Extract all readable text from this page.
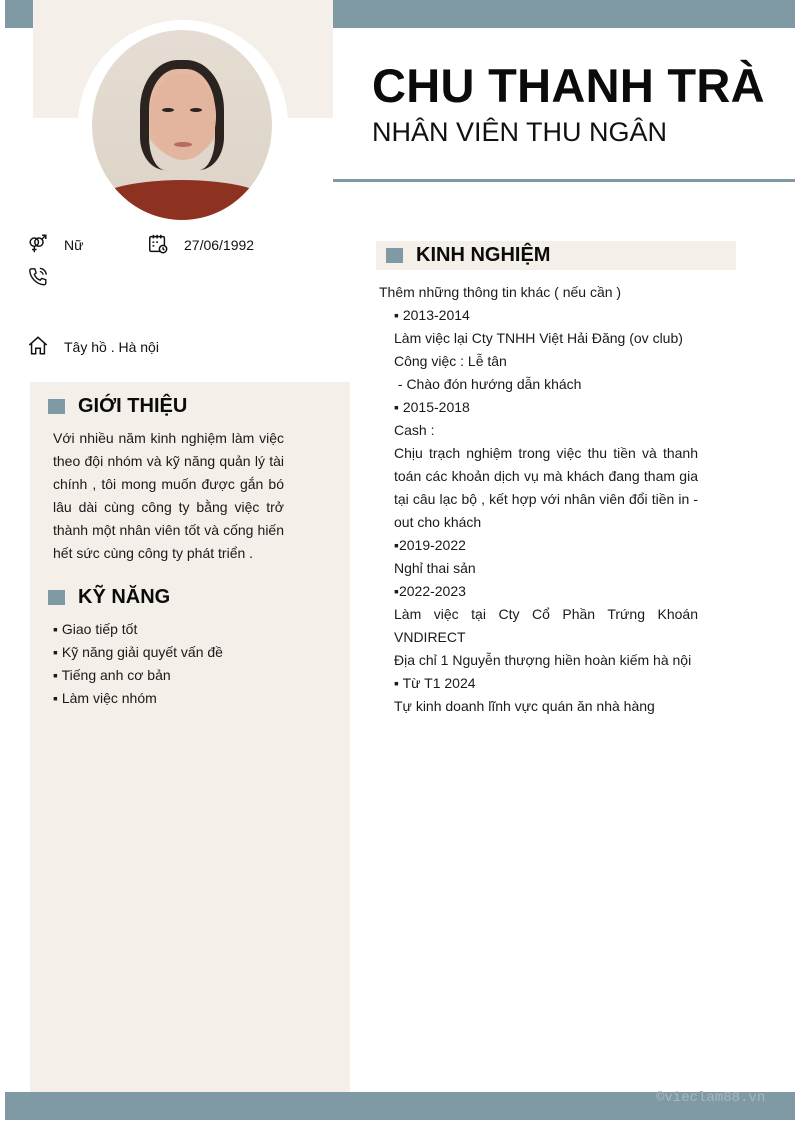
CHU THANH TRÀ
NHÂN VIÊN THU NGÂN
Nữ	27/06/1992
Tây hồ . Hà nội
GIỚI THIỆU
Với nhiều năm kinh nghiệm làm việc theo đội nhóm và kỹ năng quản lý tài chính , tôi mong muốn được gắn bó lâu dài cùng công ty bằng việc trở thành một nhân viên tốt và cống hiến hết sức cùng công ty phát triển .
KỸ NĂNG
▪ Giao tiếp tốt
▪ Kỹ năng giải quyết vấn đề
▪ Tiếng anh cơ bản
▪ Làm việc nhóm
KINH NGHIỆM
Thêm những thông tin khác ( nếu cần )
▪ 2013-2014
Làm việc lại Cty TNHH Việt Hải Đăng (ov club)
Công việc : Lễ tân
- Chào đón hướng dẫn khách
▪ 2015-2018
Cash :
Chịu trạch nghiệm trong việc thu tiền và thanh
toán các khoản dịch vụ mà khách đang tham gia
tại câu lạc bộ , kết hợp với nhân viên đổi tiền in -
out cho khách
▪2019-2022
Nghỉ thai sản
▪2022-2023
Làm việc tại Cty Cổ Phần Trứng Khoán
VNDIRECT
Địa chỉ 1 Nguyễn thượng hiền hoàn kiếm hà nội
▪ Từ T1 2024
Tự kinh doanh lĩnh vực quán ăn nhà hàng
©vieclam88.vn
